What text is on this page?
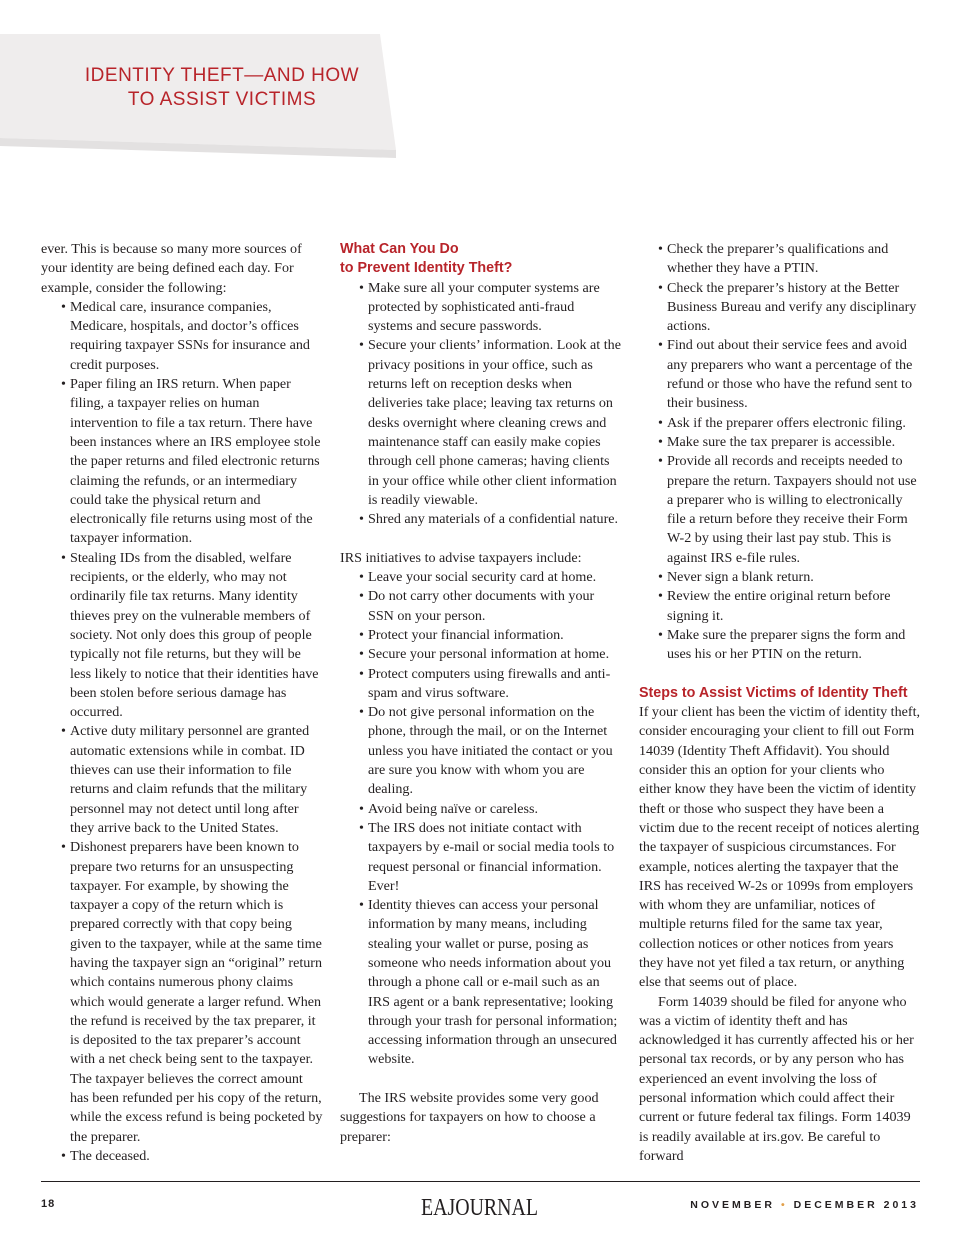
IDENTITY THEFT—AND HOW
TO ASSIST VICTIMS

ever. This is because so many more sources of your identity are being defined each day. For example, consider the following:

• Medical care, insurance companies, Medicare, hospitals, and doctor’s offices requiring taxpayer SSNs for insurance and credit purposes.
• Paper filing an IRS return. When paper filing, a taxpayer relies on human intervention to file a tax return. There have been instances where an IRS employee stole the paper returns and filed electronic returns claiming the refunds, or an intermediary could take the physical return and electronically file returns using most of the taxpayer information.
• Stealing IDs from the disabled, welfare recipients, or the elderly, who may not ordinarily file tax returns. Many identity thieves prey on the vulnerable members of society. Not only does this group of people typically not file returns, but they will be less likely to notice that their identities have been stolen before serious damage has occurred.
• Active duty military personnel are granted automatic extensions while in combat. ID thieves can use their information to file returns and claim refunds that the military personnel may not detect until long after they arrive back to the United States.
• Dishonest preparers have been known to prepare two returns for an unsuspecting taxpayer. For example, by showing the taxpayer a copy of the return which is prepared correctly with that copy being given to the taxpayer, while at the same time having the taxpayer sign an “original” return which contains numerous phony claims which would generate a larger refund. When the refund is received by the tax preparer, it is deposited to the tax preparer’s account with a net check being sent to the taxpayer. The taxpayer believes the correct amount has been refunded per his copy of the return, while the excess refund is being pocketed by the preparer.
• The deceased.

What Can You Do
to Prevent Identity Theft?

• Make sure all your computer systems are protected by sophisticated anti-fraud systems and secure passwords.
• Secure your clients’ information. Look at the privacy positions in your office, such as returns left on reception desks when deliveries take place; leaving tax returns on desks overnight where cleaning crews and maintenance staff can easily make copies through cell phone cameras; having clients in your office while other client information is readily viewable.
• Shred any materials of a confidential nature.

IRS initiatives to advise taxpayers include:

• Leave your social security card at home.
• Do not carry other documents with your SSN on your person.
• Protect your financial information.
• Secure your personal information at home.
• Protect computers using firewalls and anti-spam and virus software.
• Do not give personal information on the phone, through the mail, or on the Internet unless you have initiated the contact or you are sure you know with whom you are dealing.
• Avoid being naïve or careless.
• The IRS does not initiate contact with taxpayers by e-mail or social media tools to request personal or financial information. Ever!
• Identity thieves can access your personal information by many means, including stealing your wallet or purse, posing as someone who needs information about you through a phone call or e-mail such as an IRS agent or a bank representative; looking through your trash for personal information; accessing information through an unsecured website.

The IRS website provides some very good suggestions for taxpayers on how to choose a preparer:

• Check the preparer’s qualifications and whether they have a PTIN.
• Check the preparer’s history at the Better Business Bureau and verify any disciplinary actions.
• Find out about their service fees and avoid any preparers who want a percentage of the refund or those who have the refund sent to their business.
• Ask if the preparer offers electronic filing.
• Make sure the tax preparer is accessible.
• Provide all records and receipts needed to prepare the return. Taxpayers should not use a preparer who is willing to electronically file a return before they receive their Form W-2 by using their last pay stub. This is against IRS e-file rules.
• Never sign a blank return.
• Review the entire original return before signing it.
• Make sure the preparer signs the form and uses his or her PTIN on the return.

Steps to Assist Victims of Identity Theft

If your client has been the victim of identity theft, consider encouraging your client to fill out Form 14039 (Identity Theft Affidavit). You should consider this an option for your clients who either know they have been the victim of identity theft or those who suspect they have been a victim due to the recent receipt of notices alerting the taxpayer of suspicious circumstances. For example, notices alerting the taxpayer that the IRS has received W-2s or 1099s from employers with whom they are unfamiliar, notices of multiple returns filed for the same tax year, collection notices or other notices from years they have not yet filed a tax return, or anything else that seems out of place.

Form 14039 should be filed for anyone who was a victim of identity theft and has acknowledged it has currently affected his or her personal tax records, or by any person who has experienced an event involving the loss of personal information which could affect their current or future federal tax filings. Form 14039 is readily available at irs.gov. Be careful to forward

18	EAJOURNAL	NOVEMBER • DECEMBER 2013
